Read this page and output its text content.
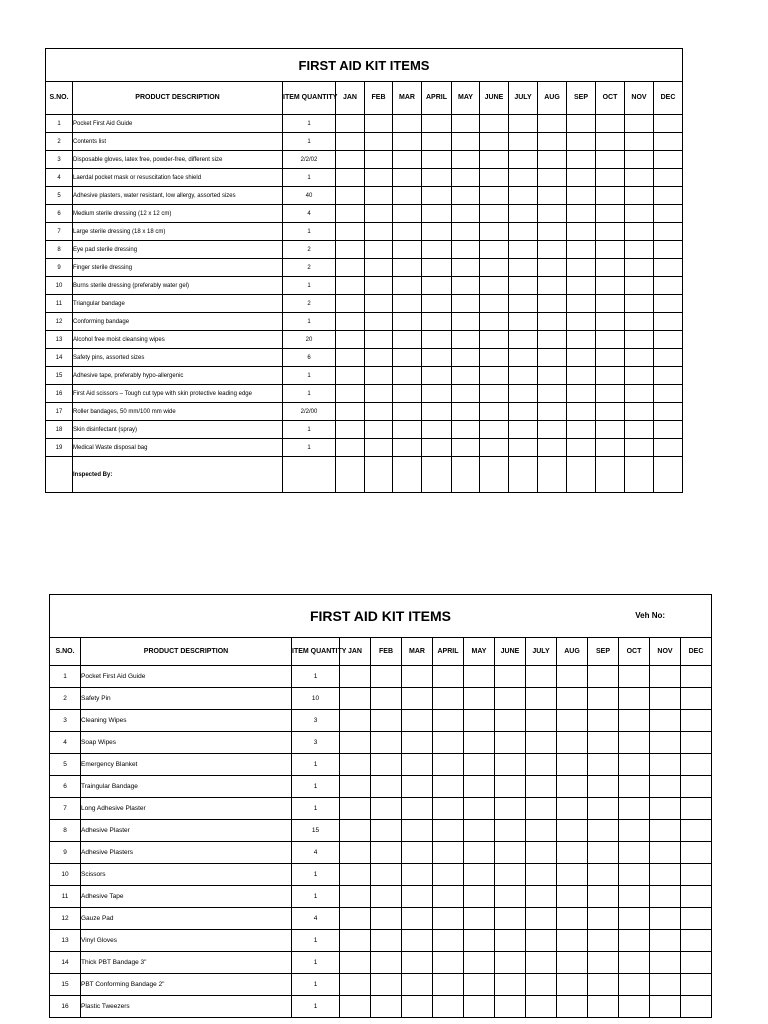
FIRST AID KIT ITEMS														
S.NO.	PRODUCT DESCRIPTION	ITEM QUANTITY	JAN	FEB	MAR	APRIL	MAY	JUNE	JULY	AUG	SEP	OCT	NOV	DEC
1	Pocket First Aid Guide	1												
2	Contents list	1												
3	Disposable gloves, latex free, powder-free, different size	2/2/02												
4	Laerdal pocket mask or resuscitation face shield	1												
5	Adhesive plasters, water resistant, low allergy, assorted sizes	40												
6	Medium sterile dressing (12 x 12 cm)	4												
7	Large sterile dressing (18 x 18 cm)	1												
8	Eye pad sterile dressing	2												
9	Finger sterile dressing	2												
10	Burns sterile dressing (preferably water gel)	1												
11	Triangular bandage	2												
12	Conforming bandage	1												
13	Alcohol free moist cleansing wipes	20												
14	Safety pins, assorted sizes	6												
15	Adhesive tape, preferably hypo-allergenic	1												
16	First Aid scissors – Tough cut type with skin protective leading edge	1												
17	Roller bandages, 50 mm/100 mm wide	2/2/00												
18	Skin disinfectant (spray)	1												
19	Medical Waste disposal bag	1												
	Inspected By:													
FIRST AID KIT ITEMS Veh No:														

S.NO.	PRODUCT DESCRIPTION	ITEM QUANTITY	JAN	FEB	MAR	APRIL	MAY	JUNE	JULY	AUG	SEP	OCT	NOV	DEC
1	Pocket First Aid Guide	1												
2	Safety Pin	10												
3	Cleaning Wipes	3												
4	Soap Wipes	3												
5	Emergency Blanket	1												
6	Traingular Bandage	1												
7	Long Adhesive Plaster	1												
8	Adhesive Plaster	15												
9	Adhesive Plasters	4												
10	Scissors	1												
11	Adhesive Tape	1												
12	Gauze Pad	4												
13	Vinyl Gloves	1												
14	Thick PBT Bandage 3"	1												
15	PBT Conforming Bandage 2"	1												
16	Plastic Tweezers	1												
